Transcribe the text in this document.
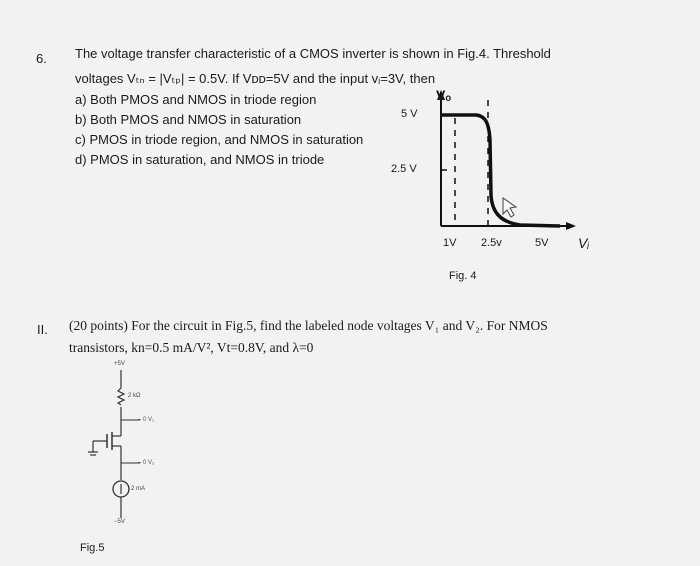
6. The voltage transfer characteristic of a CMOS inverter is shown in Fig.4. Threshold
voltages Vₜₙ = |Vₜₚ| = 0.5V. If Vᴅᴅ=5V and the input vᵢ=3V, then
a) Both PMOS and NMOS in triode region
b) Both PMOS and NMOS in saturation
c) PMOS in triode region, and NMOS in saturation
d) PMOS in saturation, and NMOS in triode
Vₒ
5 V
2.5 V
1V 2.5v	5V Vᵢ
Fig. 4
II. (20 points) For the circuit in Fig.5, find the labeled node voltages V₁ and V₂. For NMOS
transistors, kn=0.5 mA/V², Vt=0.8V, and λ=0
+5V
2 kΩ
– 0 V₁
– 0 V₂
2 mA
−5V
Fig.5
